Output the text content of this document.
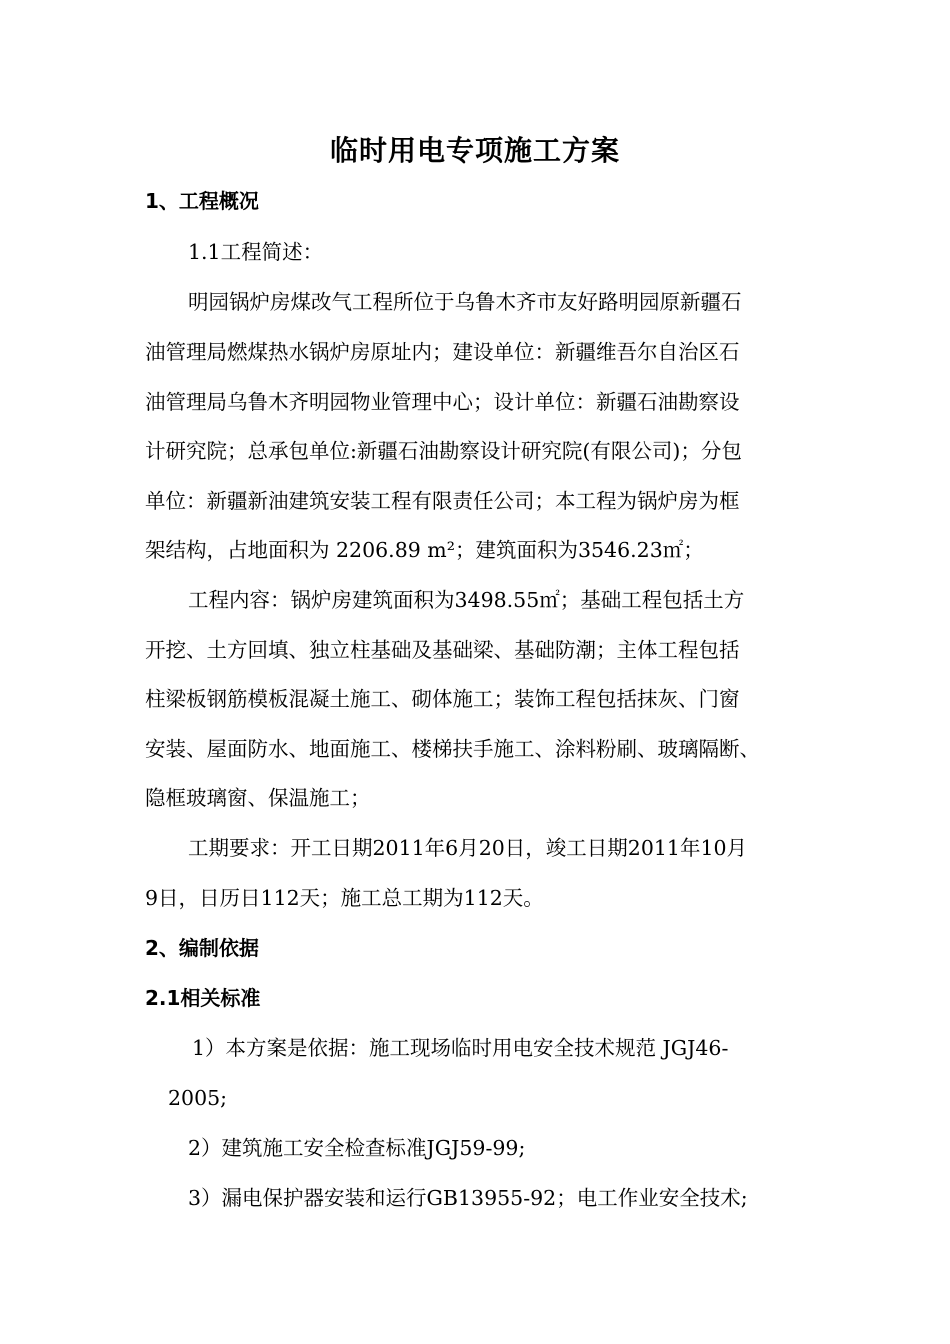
临时用电专项施工方案
1、工程概况

1.1工程简述：

明园锅炉房煤改气工程所位于乌鲁木齐市友好路明园原新疆石

油管理局燃煤热水锅炉房原址内；建设单位：新疆维吾尔自治区石

油管理局乌鲁木齐明园物业管理中心；设计单位：新疆石油勘察设

计研究院；总承包单位:新疆石油勘察设计研究院(有限公司)；分包

单位：新疆新油建筑安装工程有限责任公司；本工程为锅炉房为框

架结构，占地面积为 2206.89 m²；建筑面积为3546.23㎡；

工程内容：锅炉房建筑面积为3498.55㎡；基础工程包括土方

开挖、土方回填、独立柱基础及基础梁、基础防潮；主体工程包括

柱梁板钢筋模板混凝土施工、砌体施工；装饰工程包括抹灰、门窗

安装、屋面防水、地面施工、楼梯扶手施工、涂料粉刷、玻璃隔断、

隐框玻璃窗、保温施工；

工期要求：开工日期2011年6月20日，竣工日期2011年10月

9日，日历日112天；施工总工期为112天。

2、编制依据
2.1相关标准

1）本方案是依据：施工现场临时用电安全技术规范 JGJ46-

2005;

2）建筑施工安全检查标准JGJ59-99;

3）漏电保护器安装和运行GB13955-92；电工作业安全技术;
